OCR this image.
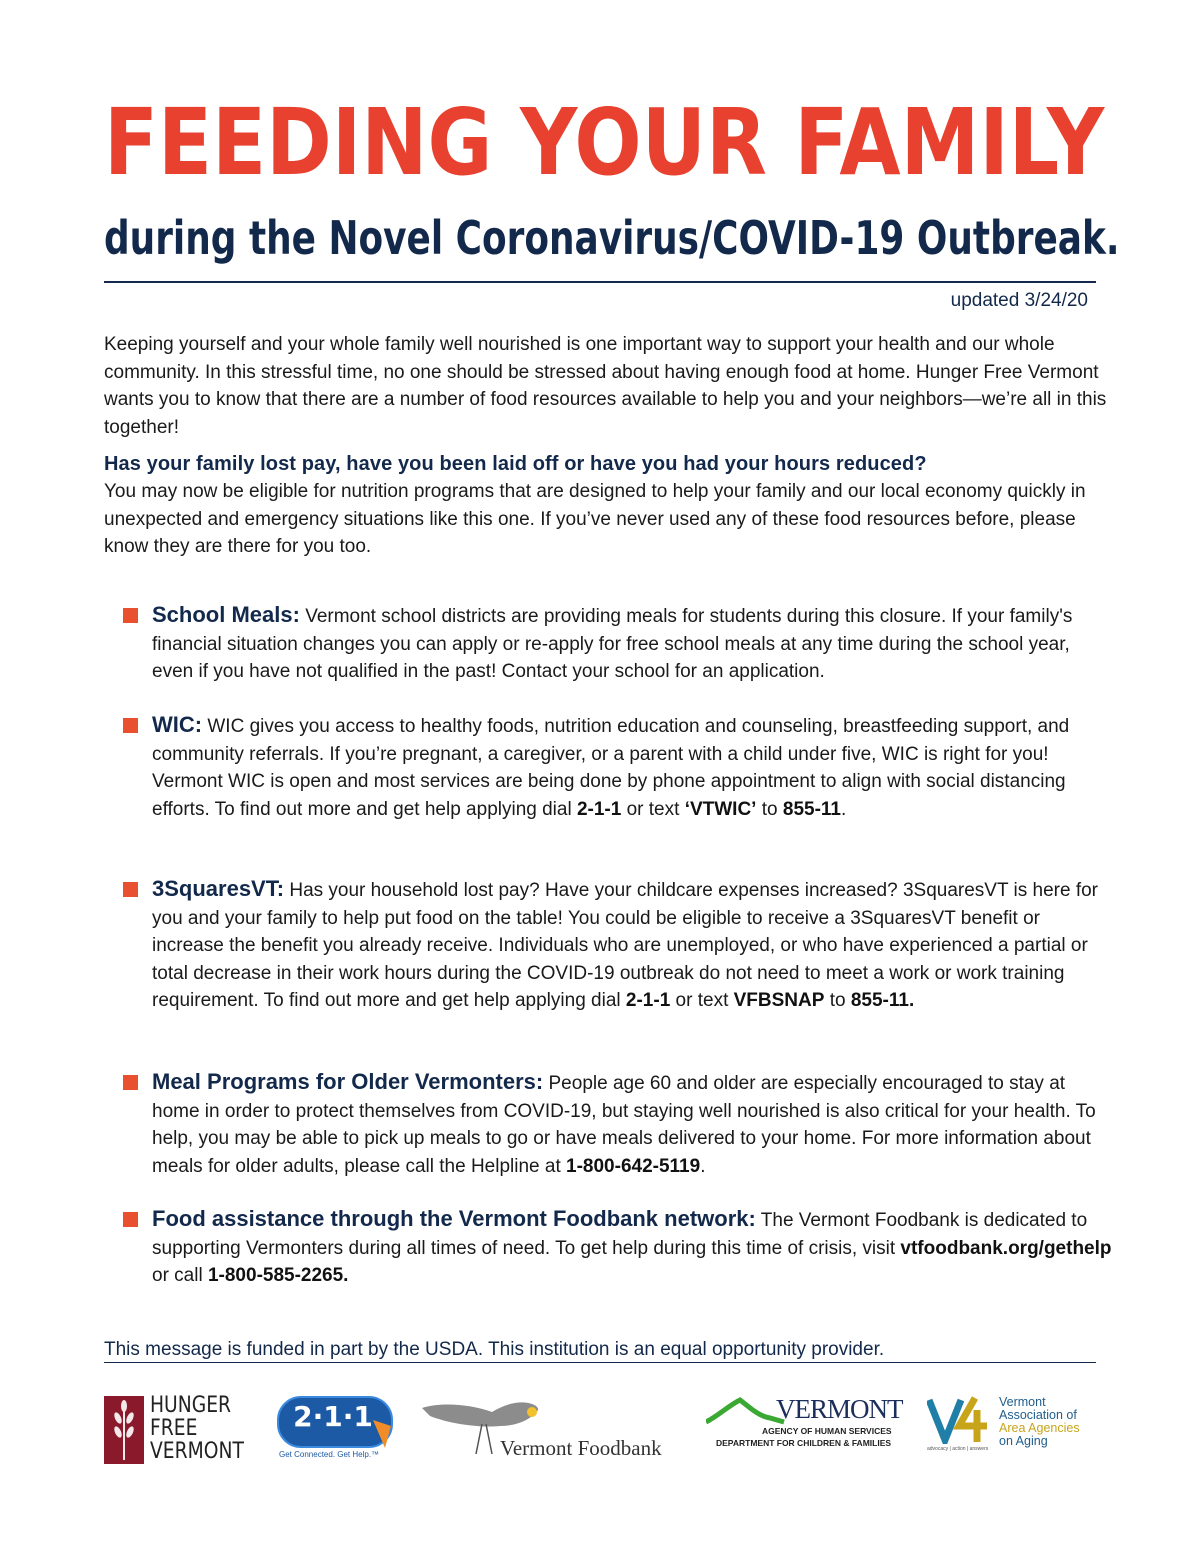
FEEDING YOUR FAMILY
during the Novel Coronavirus/COVID-19 Outbreak.
updated 3/24/20
Keeping yourself and your whole family well nourished is one important way to support your health and our whole community. In this stressful time, no one should be stressed about having enough food at home. Hunger Free Vermont wants you to know that there are a number of food resources available to help you and your neighbors—we’re all in this together!
Has your family lost pay, have you been laid off or have you had your hours reduced?
You may now be eligible for nutrition programs that are designed to help your family and our local economy quickly in unexpected and emergency situations like this one. If you’ve never used any of these food resources before, please know they are there for you too.
School Meals: Vermont school districts are providing meals for students during this closure. If your family's financial situation changes you can apply or re-apply for free school meals at any time during the school year, even if you have not qualified in the past! Contact your school for an application.
WIC: WIC gives you access to healthy foods, nutrition education and counseling, breastfeeding support, and community referrals. If you’re pregnant, a caregiver, or a parent with a child under five, WIC is right for you! Vermont WIC is open and most services are being done by phone appointment to align with social distancing efforts. To find out more and get help applying dial 2-1-1 or text ‘VTWIC’ to 855-11.
3SquaresVT: Has your household lost pay? Have your childcare expenses increased? 3SquaresVT is here for you and your family to help put food on the table! You could be eligible to receive a 3SquaresVT benefit or increase the benefit you already receive. Individuals who are unemployed, or who have experienced a partial or total decrease in their work hours during the COVID-19 outbreak do not need to meet a work or work training requirement. To find out more and get help applying dial 2-1-1 or text VFBSNAP to 855-11.
Meal Programs for Older Vermonters: People age 60 and older are especially encouraged to stay at home in order to protect themselves from COVID-19, but staying well nourished is also critical for your health. To help, you may be able to pick up meals to go or have meals delivered to your home. For more information about meals for older adults, please call the Helpline at 1-800-642-5119.
Food assistance through the Vermont Foodbank network: The Vermont Foodbank is dedicated to supporting Vermonters during all times of need. To get help during this time of crisis, visit vtfoodbank.org/gethelp or call 1-800-585-2265.
This message is funded in part by the USDA. This institution is an equal opportunity provider.
HUNGER
FREE
VERMONT
2·1·1
Get Connected. Get Help.™	Vermont Foodbank
VERMONT
AGENCY OF HUMAN SERVICES
DEPARTMENT FOR CHILDREN & FAMILIES
Vermont
Association of
Area Agencies
on Aging
advocacy | action | answers
